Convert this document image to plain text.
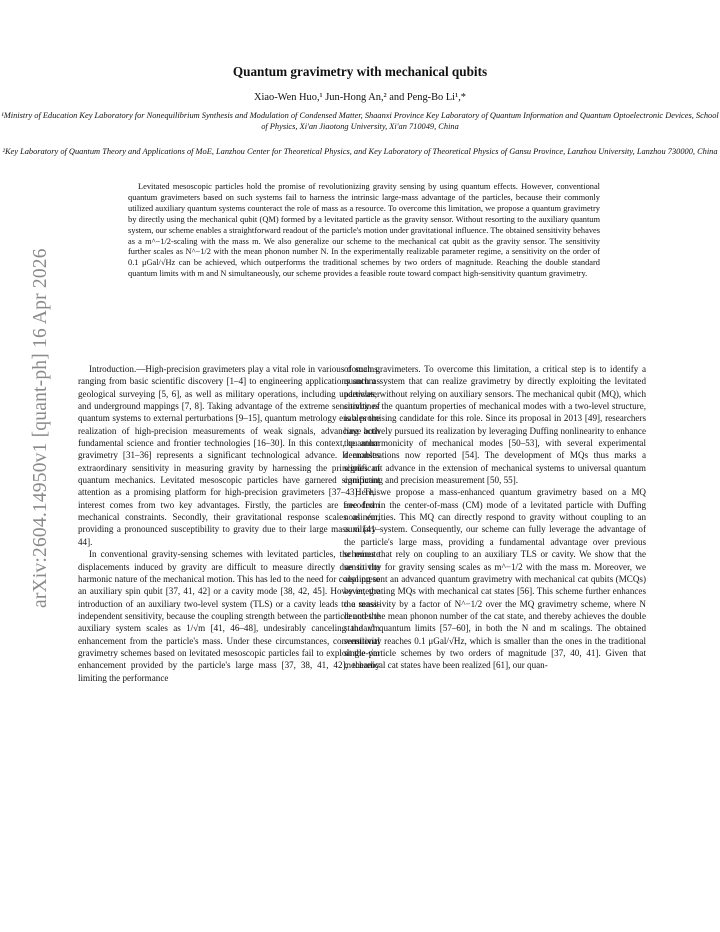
arXiv:2604.14950v1 [quant-ph] 16 Apr 2026
Quantum gravimetry with mechanical qubits
Xiao-Wen Huo,¹ Jun-Hong An,² and Peng-Bo Li¹,*
¹Ministry of Education Key Laboratory for Nonequilibrium Synthesis and Modulation of Condensed Matter, Shaanxi Province Key Laboratory of Quantum Information and Quantum Optoelectronic Devices, School of Physics, Xi'an Jiaotong University, Xi'an 710049, China
²Key Laboratory of Quantum Theory and Applications of MoE, Lanzhou Center for Theoretical Physics, and Key Laboratory of Theoretical Physics of Gansu Province, Lanzhou University, Lanzhou 730000, China
Levitated mesoscopic particles hold the promise of revolutionizing gravity sensing by using quantum effects. However, conventional quantum gravimeters based on such systems fail to harness the intrinsic large-mass advantage of the particles, because their commonly utilized auxiliary quantum systems counteract the role of mass as a resource. To overcome this limitation, we propose a quantum gravimetry by directly using the mechanical qubit (QM) formed by a levitated particle as the gravity sensor. Without resorting to the auxiliary quantum system, our scheme enables a straightforward readout of the particle's motion under gravitational influence. The obtained sensitivity behaves as a m^−1/2-scaling with the mass m. We also generalize our scheme to the mechanical cat qubit as the gravity sensor. The sensitivity further scales as N^−1/2 with the mean phonon number N. In the experimentally realizable parameter regime, a sensitivity on the order of 0.1 μGal/√Hz can be achieved, which outperforms the traditional schemes by two orders of magnitude. Reaching the double standard quantum limits with m and N simultaneously, our scheme provides a feasible route toward compact high-sensitivity quantum gravimetry.

Introduction.—High-precision gravimeters play a vital role in various domains, ranging from basic scientific discovery [1–4] to engineering applications such as geological surveying [5, 6], as well as military operations, including underwater and underground mappings [7, 8]. Taking advantage of the extreme sensitivity of quantum systems to external perturbations [9–15], quantum metrology enables the realization of high-precision measurements of weak signals, advancing both fundamental science and frontier technologies [16–30]. In this context, quantum gravimetry [31–36] represents a significant technological advance. It enables extraordinary sensitivity in measuring gravity by harnessing the principles of quantum mechanics. Levitated mesoscopic particles have garnered significant attention as a promising platform for high-precision gravimeters [37–43]. This interest comes from two key advantages. Firstly, the particles are free from mechanical constraints. Secondly, their gravitational response scales as √m, providing a pronounced susceptibility to gravity due to their large mass m [41–44].

In conventional gravity-sensing schemes with levitated particles, the minute displacements induced by gravity are difficult to measure directly due to the harmonic nature of the mechanical motion. This has led to the need for coupling to an auxiliary spin qubit [37, 41, 42] or a cavity mode [38, 42, 45]. However, the introduction of an auxiliary two-level system (TLS) or a cavity leads to a mass-independent sensitivity, because the coupling strength between the particle and the auxiliary system scales as 1/√m [41, 46–48], undesirably canceling the √m enhancement from the particle's mass. Under these circumstances, conventional gravimetry schemes based on levitated mesoscopic particles fail to exploit the √m enhancement provided by the particle's large mass [37, 38, 41, 42], thereby limiting the performance

of such gravimeters. To overcome this limitation, a critical step is to identify a quantum system that can realize gravimetry by directly exploiting the levitated particles, without relying on auxiliary sensors. The mechanical qubit (MQ), which combines the quantum properties of mechanical modes with a two-level structure, is a promising candidate for this role. Since its proposal in 2013 [49], researchers have actively pursued its realization by leveraging Duffing nonlinearity to enhance the anharmonicity of mechanical modes [50–53], with several experimental demonstrations now reported [54]. The development of MQs thus marks a significant advance in the extension of mechanical systems to universal quantum computing and precision measurement [50, 55].

Here, we propose a mass-enhanced quantum gravimetry based on a MQ encoded in the center-of-mass (CM) mode of a levitated particle with Duffing nonlinearities. This MQ can directly respond to gravity without coupling to an auxiliary system. Consequently, our scheme can fully leverage the advantage of the particle's large mass, providing a fundamental advantage over previous schemes that rely on coupling to an auxiliary TLS or cavity. We show that the sensitivity for gravity sensing scales as m^−1/2 with the mass m. Moreover, we also present an advanced quantum gravimetry with mechanical cat qubits (MCQs) by integrating MQs with mechanical cat states [56]. This scheme further enhances the sensitivity by a factor of N^−1/2 over the MQ gravimetry scheme, where N denotes the mean phonon number of the cat state, and thereby achieves the double standard quantum limits [57–60], in both the N and m scalings. The obtained sensitivity reaches 0.1 μGal/√Hz, which is smaller than the ones in the traditional single-particle schemes by two orders of magnitude [37, 40, 41]. Given that mechanical cat states have been realized [61], our quan-
